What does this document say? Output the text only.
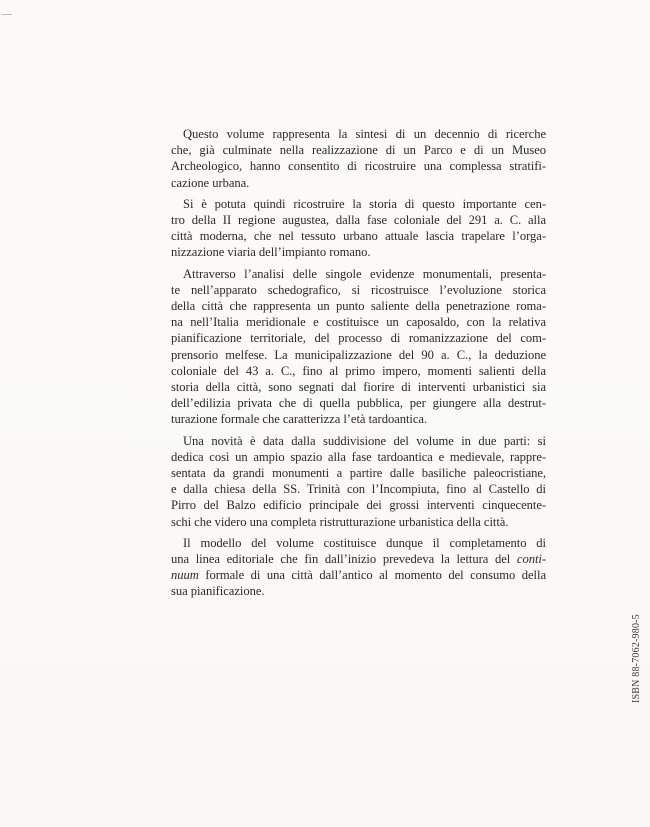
Questo volume rappresenta la sintesi di un decennio di ricerche
che, già culminate nella realizzazione di un Parco e di un Museo
Archeologico, hanno consentito di ricostruire una complessa stratifi-
cazione urbana.

Si è potuta quindi ricostruire la storia di questo importante cen-
tro della II regione augustea, dalla fase coloniale del 291 a. C. alla
città moderna, che nel tessuto urbano attuale lascia trapelare l’orga-
nizzazione viaria dell’impianto romano.

Attraverso l’analisi delle singole evidenze monumentali, presenta-
te nell’apparato schedografico, si ricostruisce l’evoluzione storica
della città che rappresenta un punto saliente della penetrazione roma-
na nell’Italia meridionale e costituisce un caposaldo, con la relativa
pianificazione territoriale, del processo di romanizzazione del com-
prensorio melfese. La municipalizzazione del 90 a. C., la deduzione
coloniale del 43 a. C., fino al primo impero, momenti salienti della
storia della città, sono segnati dal fiorire di interventi urbanistici sia
dell’edilizia privata che di quella pubblica, per giungere alla destrut-
turazione formale che caratterizza l’età tardoantica.

Una novità è data dalla suddivisione del volume in due parti: si
dedica così un ampio spazio alla fase tardoantica e medievale, rappre-
sentata da grandi monumenti a partire dalle basiliche paleocristiane,
e dalla chiesa della SS. Trinità con l’Incompiuta, fino al Castello di
Pirro del Balzo edificio principale dei grossi interventi cinquecente-
schi che videro una completa ristrutturazione urbanistica della città.

Il modello del volume costituisce dunque il completamento di
una linea editoriale che fin dall’inizio prevedeva la lettura del conti-
nuum formale di una città dall’antico al momento del consumo della
sua pianificazione.

ISBN 88-7062-980-5
